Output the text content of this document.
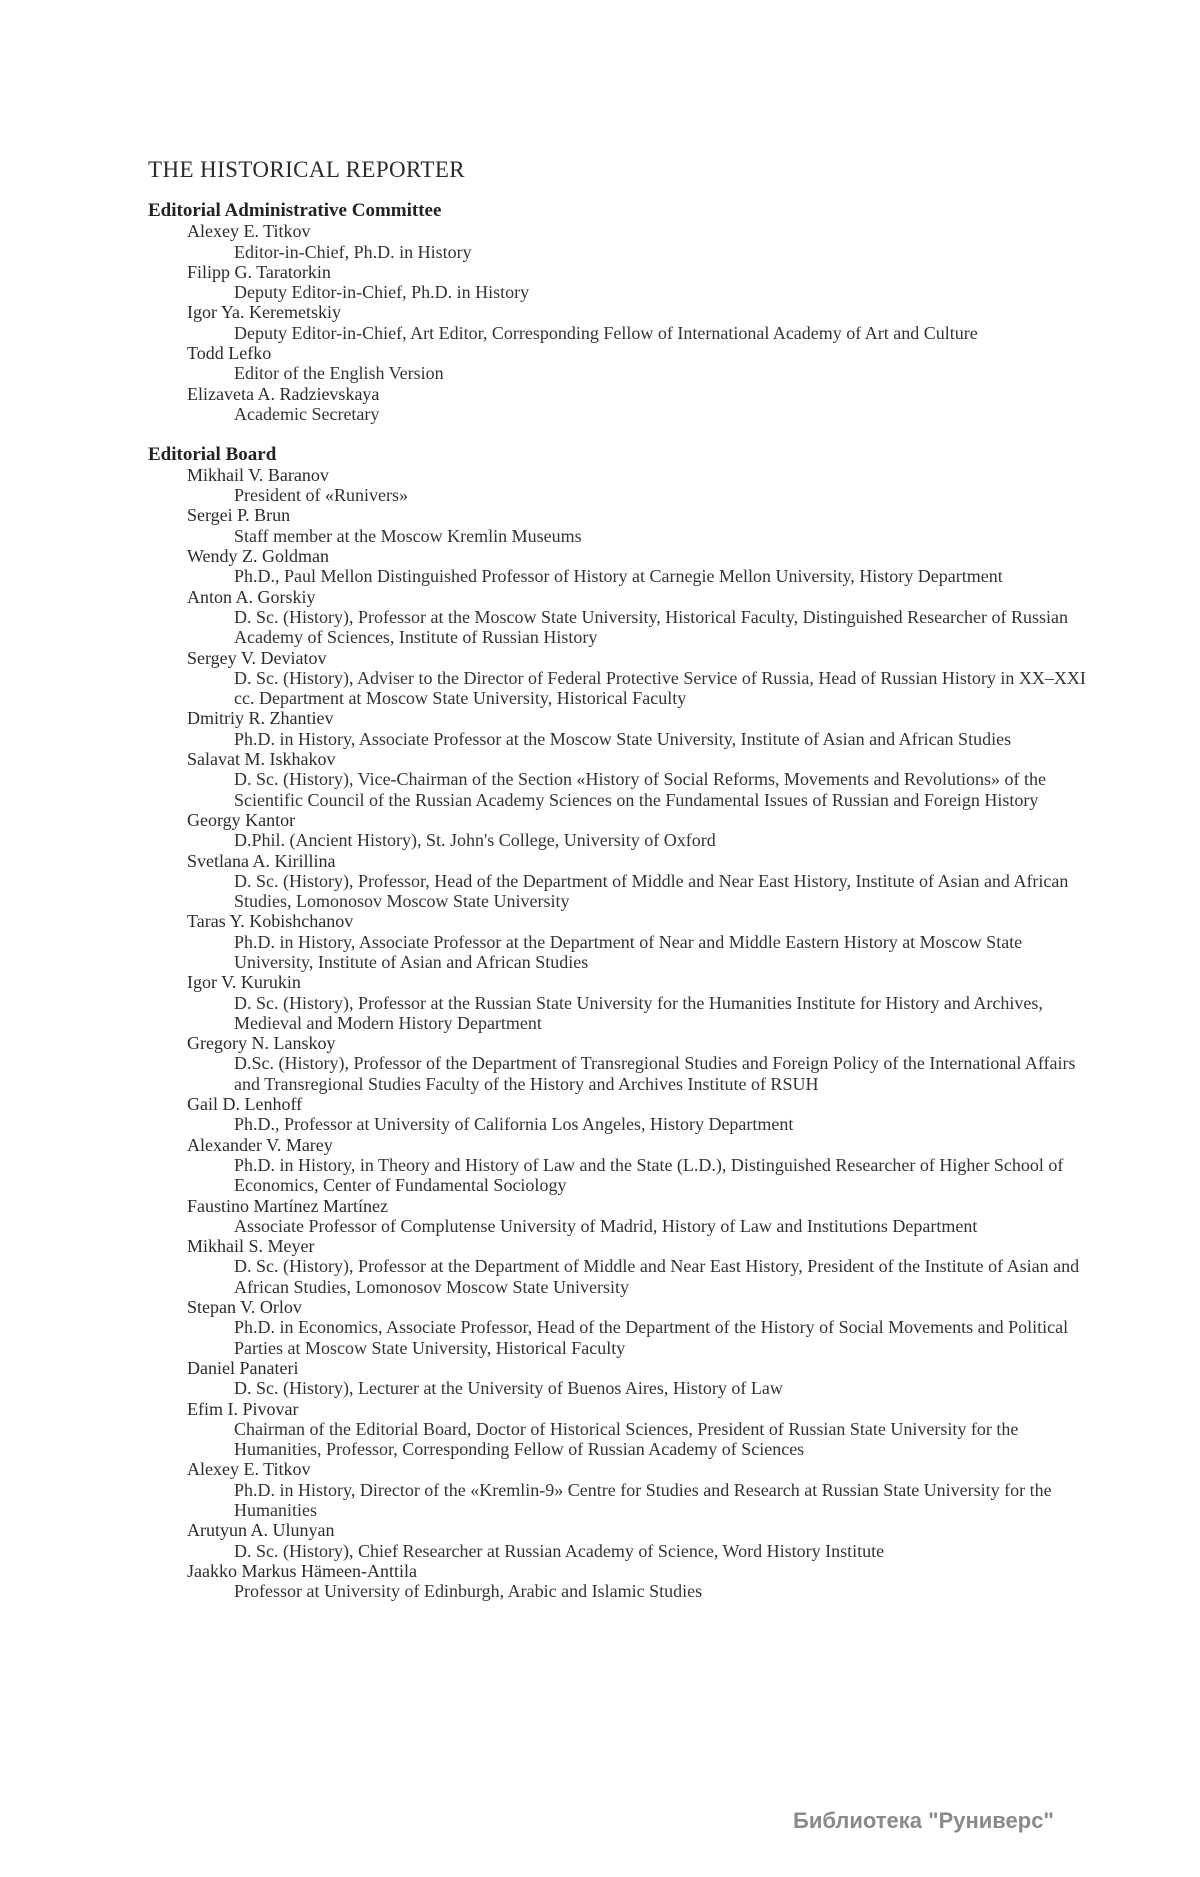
THE HISTORICAL REPORTER
Editorial Administrative Committee
Alexey E. Titkov
Editor-in-Chief, Ph.D. in History
Filipp G. Taratorkin
Deputy Editor-in-Chief, Ph.D. in History
Igor Ya. Keremetskiy
Deputy Editor-in-Chief, Art Editor, Corresponding Fellow of International Academy of Art and Culture
Todd Lefko
Editor of the English Version
Elizaveta A. Radzievskaya
Academic Secretary
Editorial Board
Mikhail V. Baranov
President of «Runivers»
Sergei P. Brun
Staff member at the Moscow Kremlin Museums
Wendy Z. Goldman
Ph.D., Paul Mellon Distinguished Professor of History at Carnegie Mellon University, History Department
Anton A. Gorskiy
D. Sc. (History), Professor at the Moscow State University, Historical Faculty, Distinguished Researcher of Russian Academy of Sciences, Institute of Russian History
Sergey V. Deviatov
D. Sc. (History), Adviser to the Director of Federal Protective Service of Russia, Head of Russian History in XX–XXI cc. Department at Moscow State University, Historical Faculty
Dmitriy R. Zhantiev
Ph.D. in History, Associate Professor at the Moscow State University, Institute of Asian and African Studies
Salavat M. Iskhakov
D. Sc. (History), Vice-Chairman of the Section «History of Social Reforms, Movements and Revolutions» of the Scientific Council of the Russian Academy Sciences on the Fundamental Issues of Russian and Foreign History
Georgy Kantor
D.Phil. (Ancient History), St. John's College, University of Oxford
Svetlana A. Kirillina
D. Sc. (History), Professor, Head of the Department of Middle and Near East History, Institute of Asian and African Studies, Lomonosov Moscow State University
Taras Y. Kobishchanov
Ph.D. in History, Associate Professor at the Department of Near and Middle Eastern History at Moscow State University, Institute of Asian and African Studies
Igor V. Kurukin
D. Sc. (History), Professor at the Russian State University for the Humanities Institute for History and Archives, Medieval and Modern History Department
Gregory N. Lanskoy
D.Sc. (History), Professor of the Department of Transregional Studies and Foreign Policy of the International Affairs and Transregional Studies Faculty of the History and Archives Institute of RSUH
Gail D. Lenhoff
Ph.D., Professor at University of California Los Angeles, History Department
Alexander V. Marey
Ph.D. in History, in Theory and History of Law and the State (L.D.), Distinguished Researcher of Higher School of Economics, Center of Fundamental Sociology
Faustino Martínez Martínez
Associate Professor of Complutense University of Madrid, History of Law and Institutions Department
Mikhail S. Meyer
D. Sc. (History), Professor at the Department of Middle and Near East History, President of the Institute of Asian and African Studies, Lomonosov Moscow State University
Stepan V. Orlov
Ph.D. in Economics, Associate Professor, Head of the Department of the History of Social Movements and Political Parties at Moscow State University, Historical Faculty
Daniel Panateri
D. Sc. (History), Lecturer at the University of Buenos Aires, History of Law
Efim I. Pivovar
Chairman of the Editorial Board, Doctor of Historical Sciences, President of Russian State University for the Humanities, Professor, Corresponding Fellow of Russian Academy of Sciences
Alexey E. Titkov
Ph.D. in History, Director of the «Kremlin-9» Centre for Studies and Research at Russian State University for the Humanities
Arutyun A. Ulunyan
D. Sc. (History), Chief Researcher at Russian Academy of Science, Word History Institute
Jaakko Markus Hämeen-Anttila
Professor at University of Edinburgh, Arabic and Islamic Studies
Библиотека "Руниверс"
